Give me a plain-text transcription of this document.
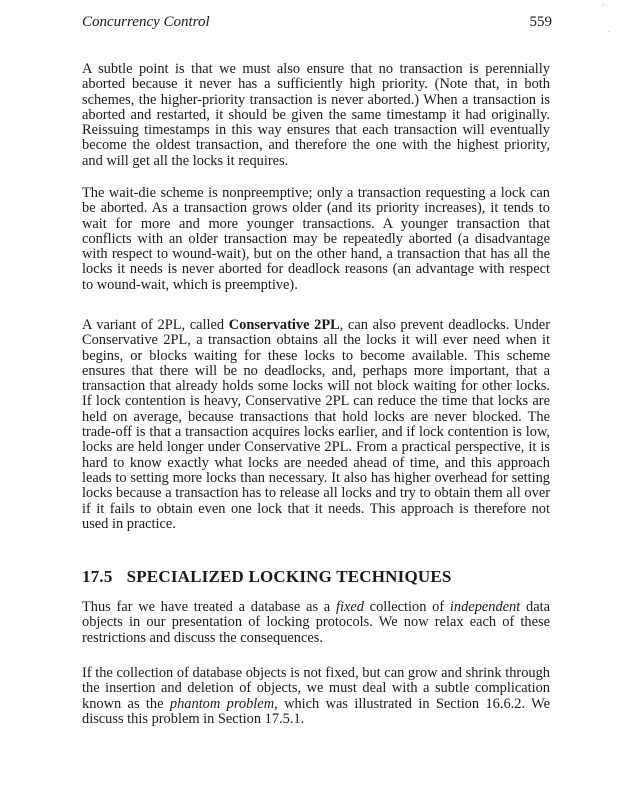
Concurrency Control	559
'
.

A subtle point is that we must also ensure that no transaction is perennially aborted because it never has a sufficiently high priority. (Note that, in both schemes, the higher-priority transaction is never aborted.) When a transaction is aborted and restarted, it should be given the same timestamp it had originally. Reissuing timestamps in this way ensures that each transaction will eventually become the oldest transaction, and therefore the one with the highest priority, and will get all the locks it requires.

The wait-die scheme is nonpreemptive; only a transaction requesting a lock can be aborted. As a transaction grows older (and its priority increases), it tends to wait for more and more younger transactions. A younger transaction that conflicts with an older transaction may be repeatedly aborted (a disadvantage with respect to wound-wait), but on the other hand, a transaction that has all the locks it needs is never aborted for deadlock reasons (an advantage with respect to wound-wait, which is preemptive).

A variant of 2PL, called Conservative 2PL, can also prevent deadlocks. Under Conservative 2PL, a transaction obtains all the locks it will ever need when it begins, or blocks waiting for these locks to become available. This scheme ensures that there will be no deadlocks, and, perhaps more important, that a transaction that already holds some locks will not block waiting for other locks. If lock contention is heavy, Conservative 2PL can reduce the time that locks are held on average, because transactions that hold locks are never blocked. The trade-off is that a transaction acquires locks earlier, and if lock contention is low, locks are held longer under Conservative 2PL. From a practical perspective, it is hard to know exactly what locks are needed ahead of time, and this approach leads to setting more locks than necessary. It also has higher overhead for setting locks because a transaction has to release all locks and try to obtain them all over if it fails to obtain even one lock that it needs. This approach is therefore not used in practice.

17.5 SPECIALIZED LOCKING TECHNIQUES

Thus far we have treated a database as a fixed collection of independent data objects in our presentation of locking protocols. We now relax each of these restrictions and discuss the consequences.

If the collection of database objects is not fixed, but can grow and shrink through the insertion and deletion of objects, we must deal with a subtle complication known as the phantom problem, which was illustrated in Section 16.6.2. We discuss this problem in Section 17.5.1.
